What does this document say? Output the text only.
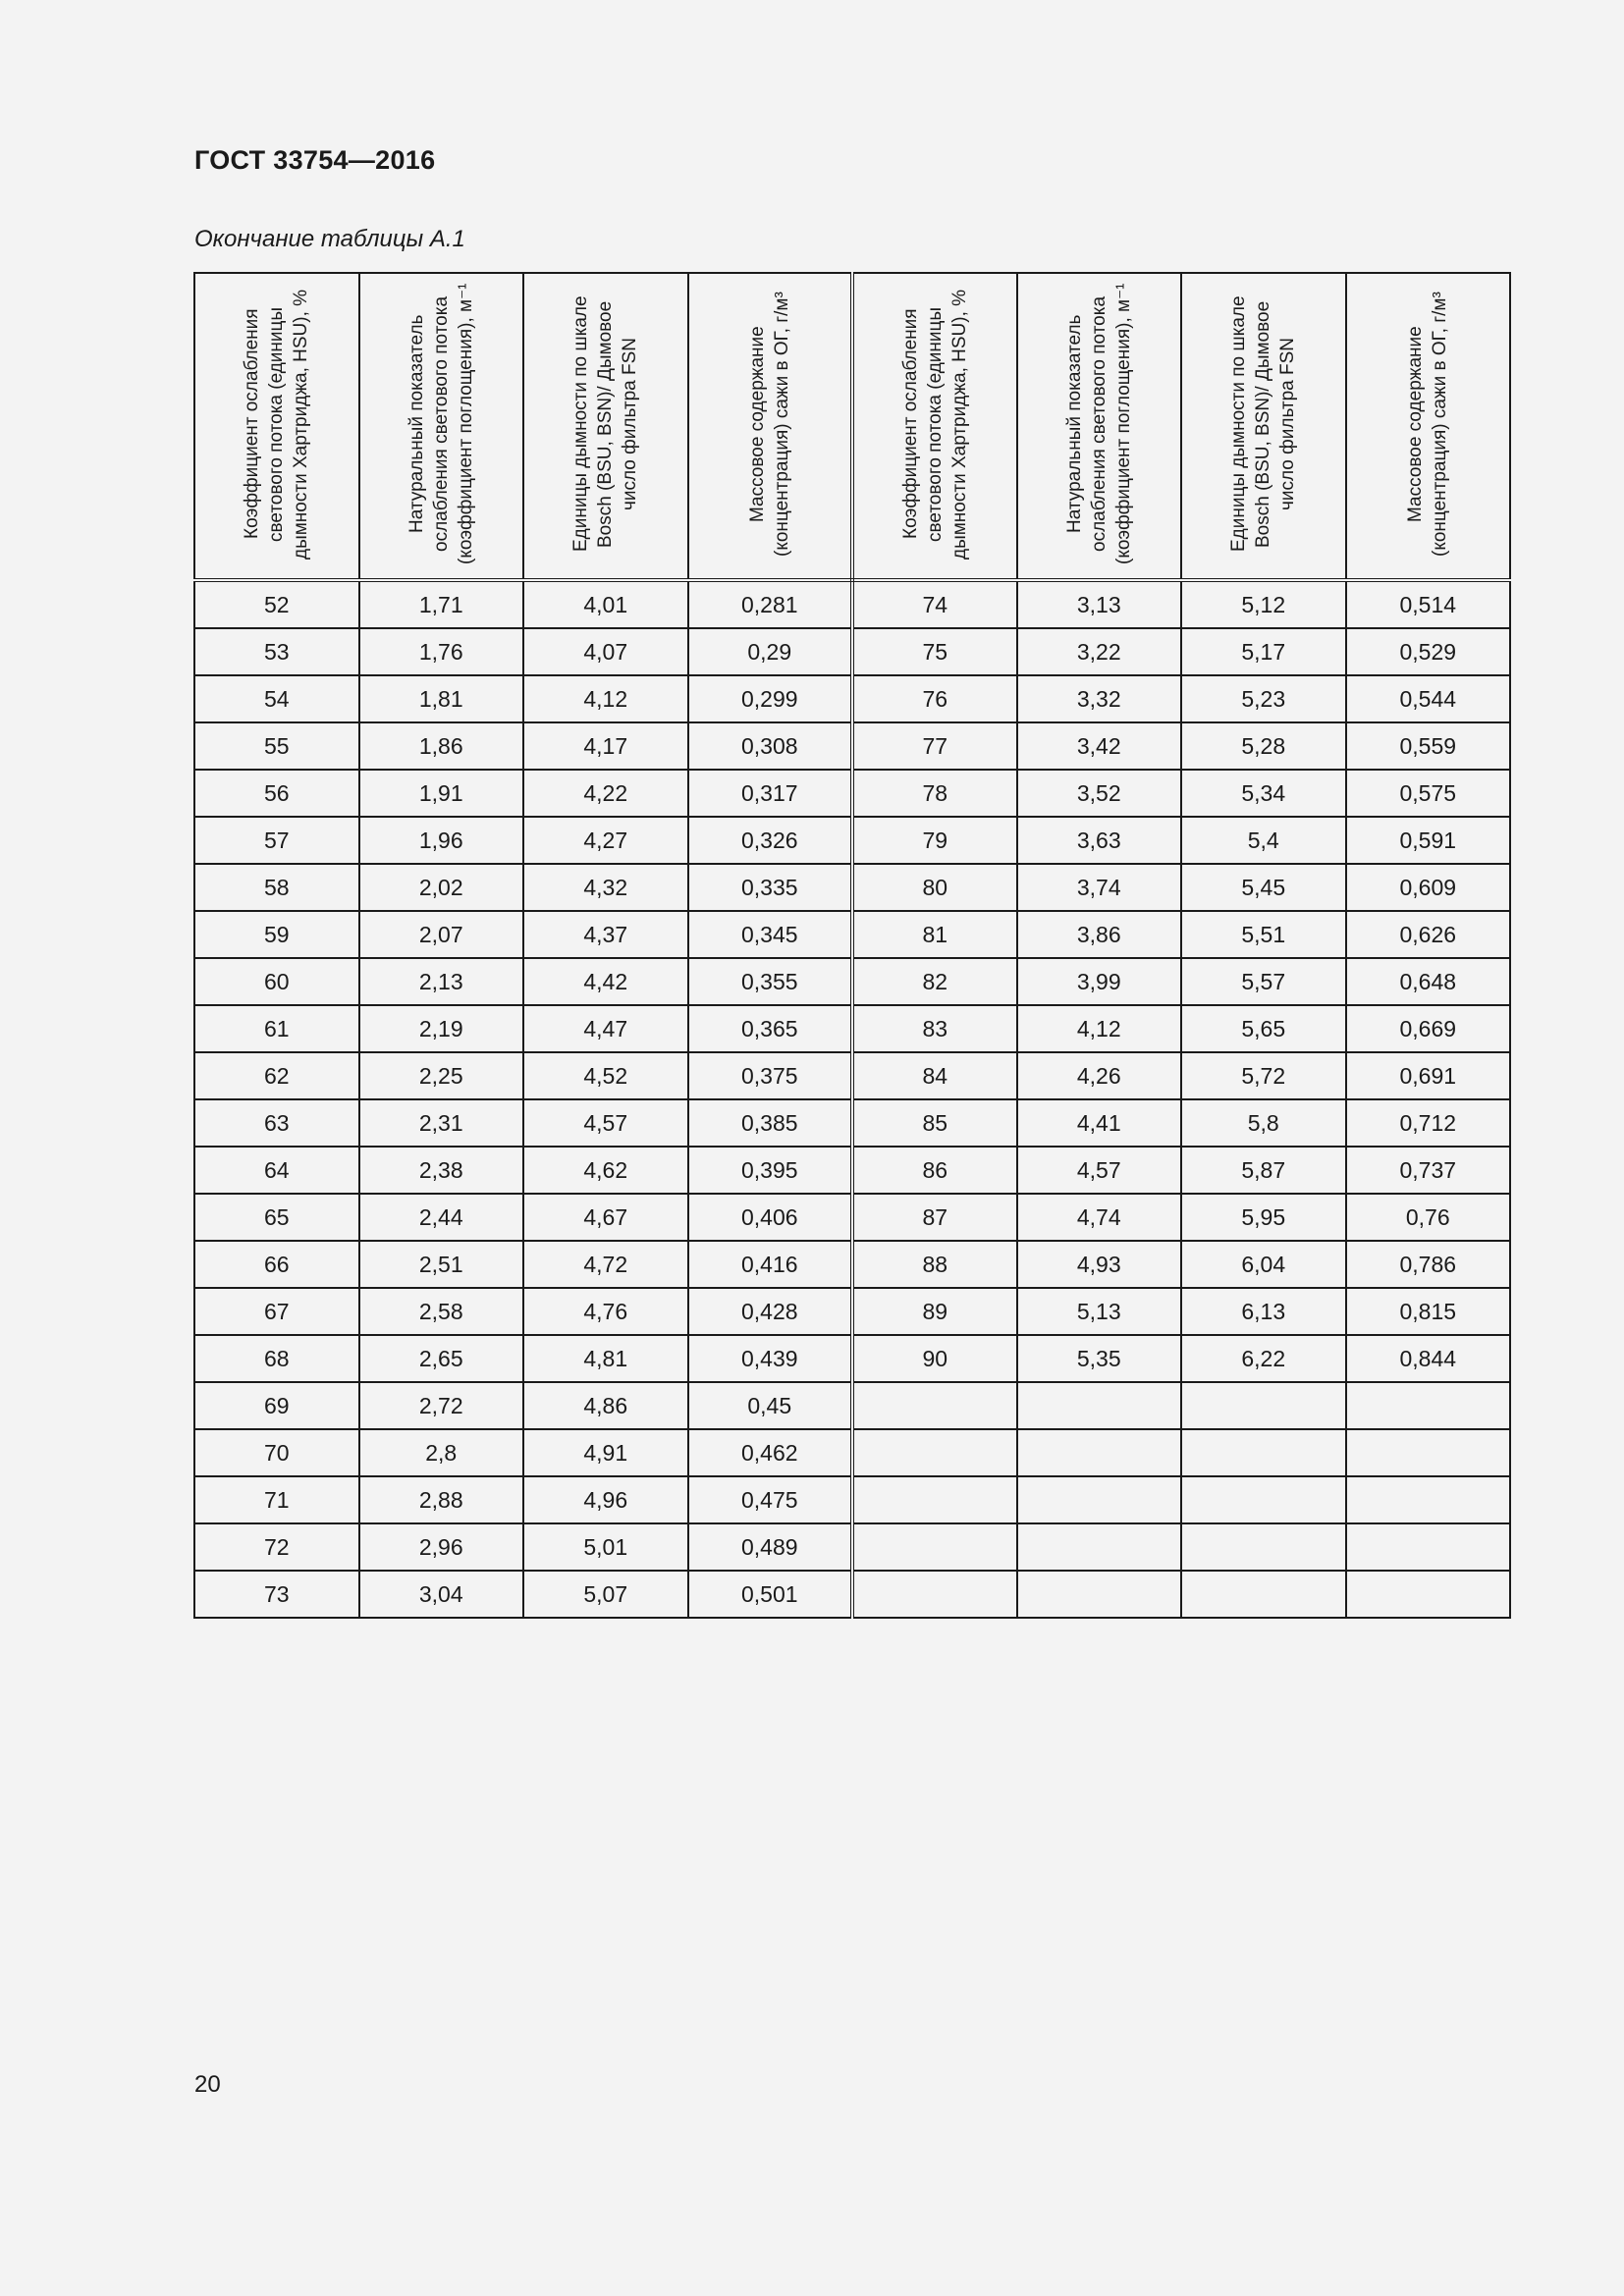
ГОСТ 33754—2016
Окончание таблицы А.1
Коэффициент ослабления светового потока (единицы дымности Хартриджа, HSU), %	Натуральный показатель ослабления светового потока (коэффициент поглощения), м⁻¹	Единицы дымности по шкале Bosch (BSU, BSN)/ Дымовое число фильтра FSN	Массовое содержание (концентрация) сажи в ОГ, г/м³	Коэффициент ослабления светового потока (единицы дымности Хартриджа, HSU), %	Натуральный показатель ослабления светового потока (коэффициент поглощения), м⁻¹	Единицы дымности по шкале Bosch (BSU, BSN)/ Дымовое число фильтра FSN	Массовое содержание (концентрация) сажи в ОГ, г/м³
52	1,71	4,01	0,281	74	3,13	5,12	0,514
53	1,76	4,07	0,29	75	3,22	5,17	0,529
54	1,81	4,12	0,299	76	3,32	5,23	0,544
55	1,86	4,17	0,308	77	3,42	5,28	0,559
56	1,91	4,22	0,317	78	3,52	5,34	0,575
57	1,96	4,27	0,326	79	3,63	5,4	0,591
58	2,02	4,32	0,335	80	3,74	5,45	0,609
59	2,07	4,37	0,345	81	3,86	5,51	0,626
60	2,13	4,42	0,355	82	3,99	5,57	0,648
61	2,19	4,47	0,365	83	4,12	5,65	0,669
62	2,25	4,52	0,375	84	4,26	5,72	0,691
63	2,31	4,57	0,385	85	4,41	5,8	0,712
64	2,38	4,62	0,395	86	4,57	5,87	0,737
65	2,44	4,67	0,406	87	4,74	5,95	0,76
66	2,51	4,72	0,416	88	4,93	6,04	0,786
67	2,58	4,76	0,428	89	5,13	6,13	0,815
68	2,65	4,81	0,439	90	5,35	6,22	0,844
69	2,72	4,86	0,45				
70	2,8	4,91	0,462				
71	2,88	4,96	0,475				
72	2,96	5,01	0,489				
73	3,04	5,07	0,501				
20
